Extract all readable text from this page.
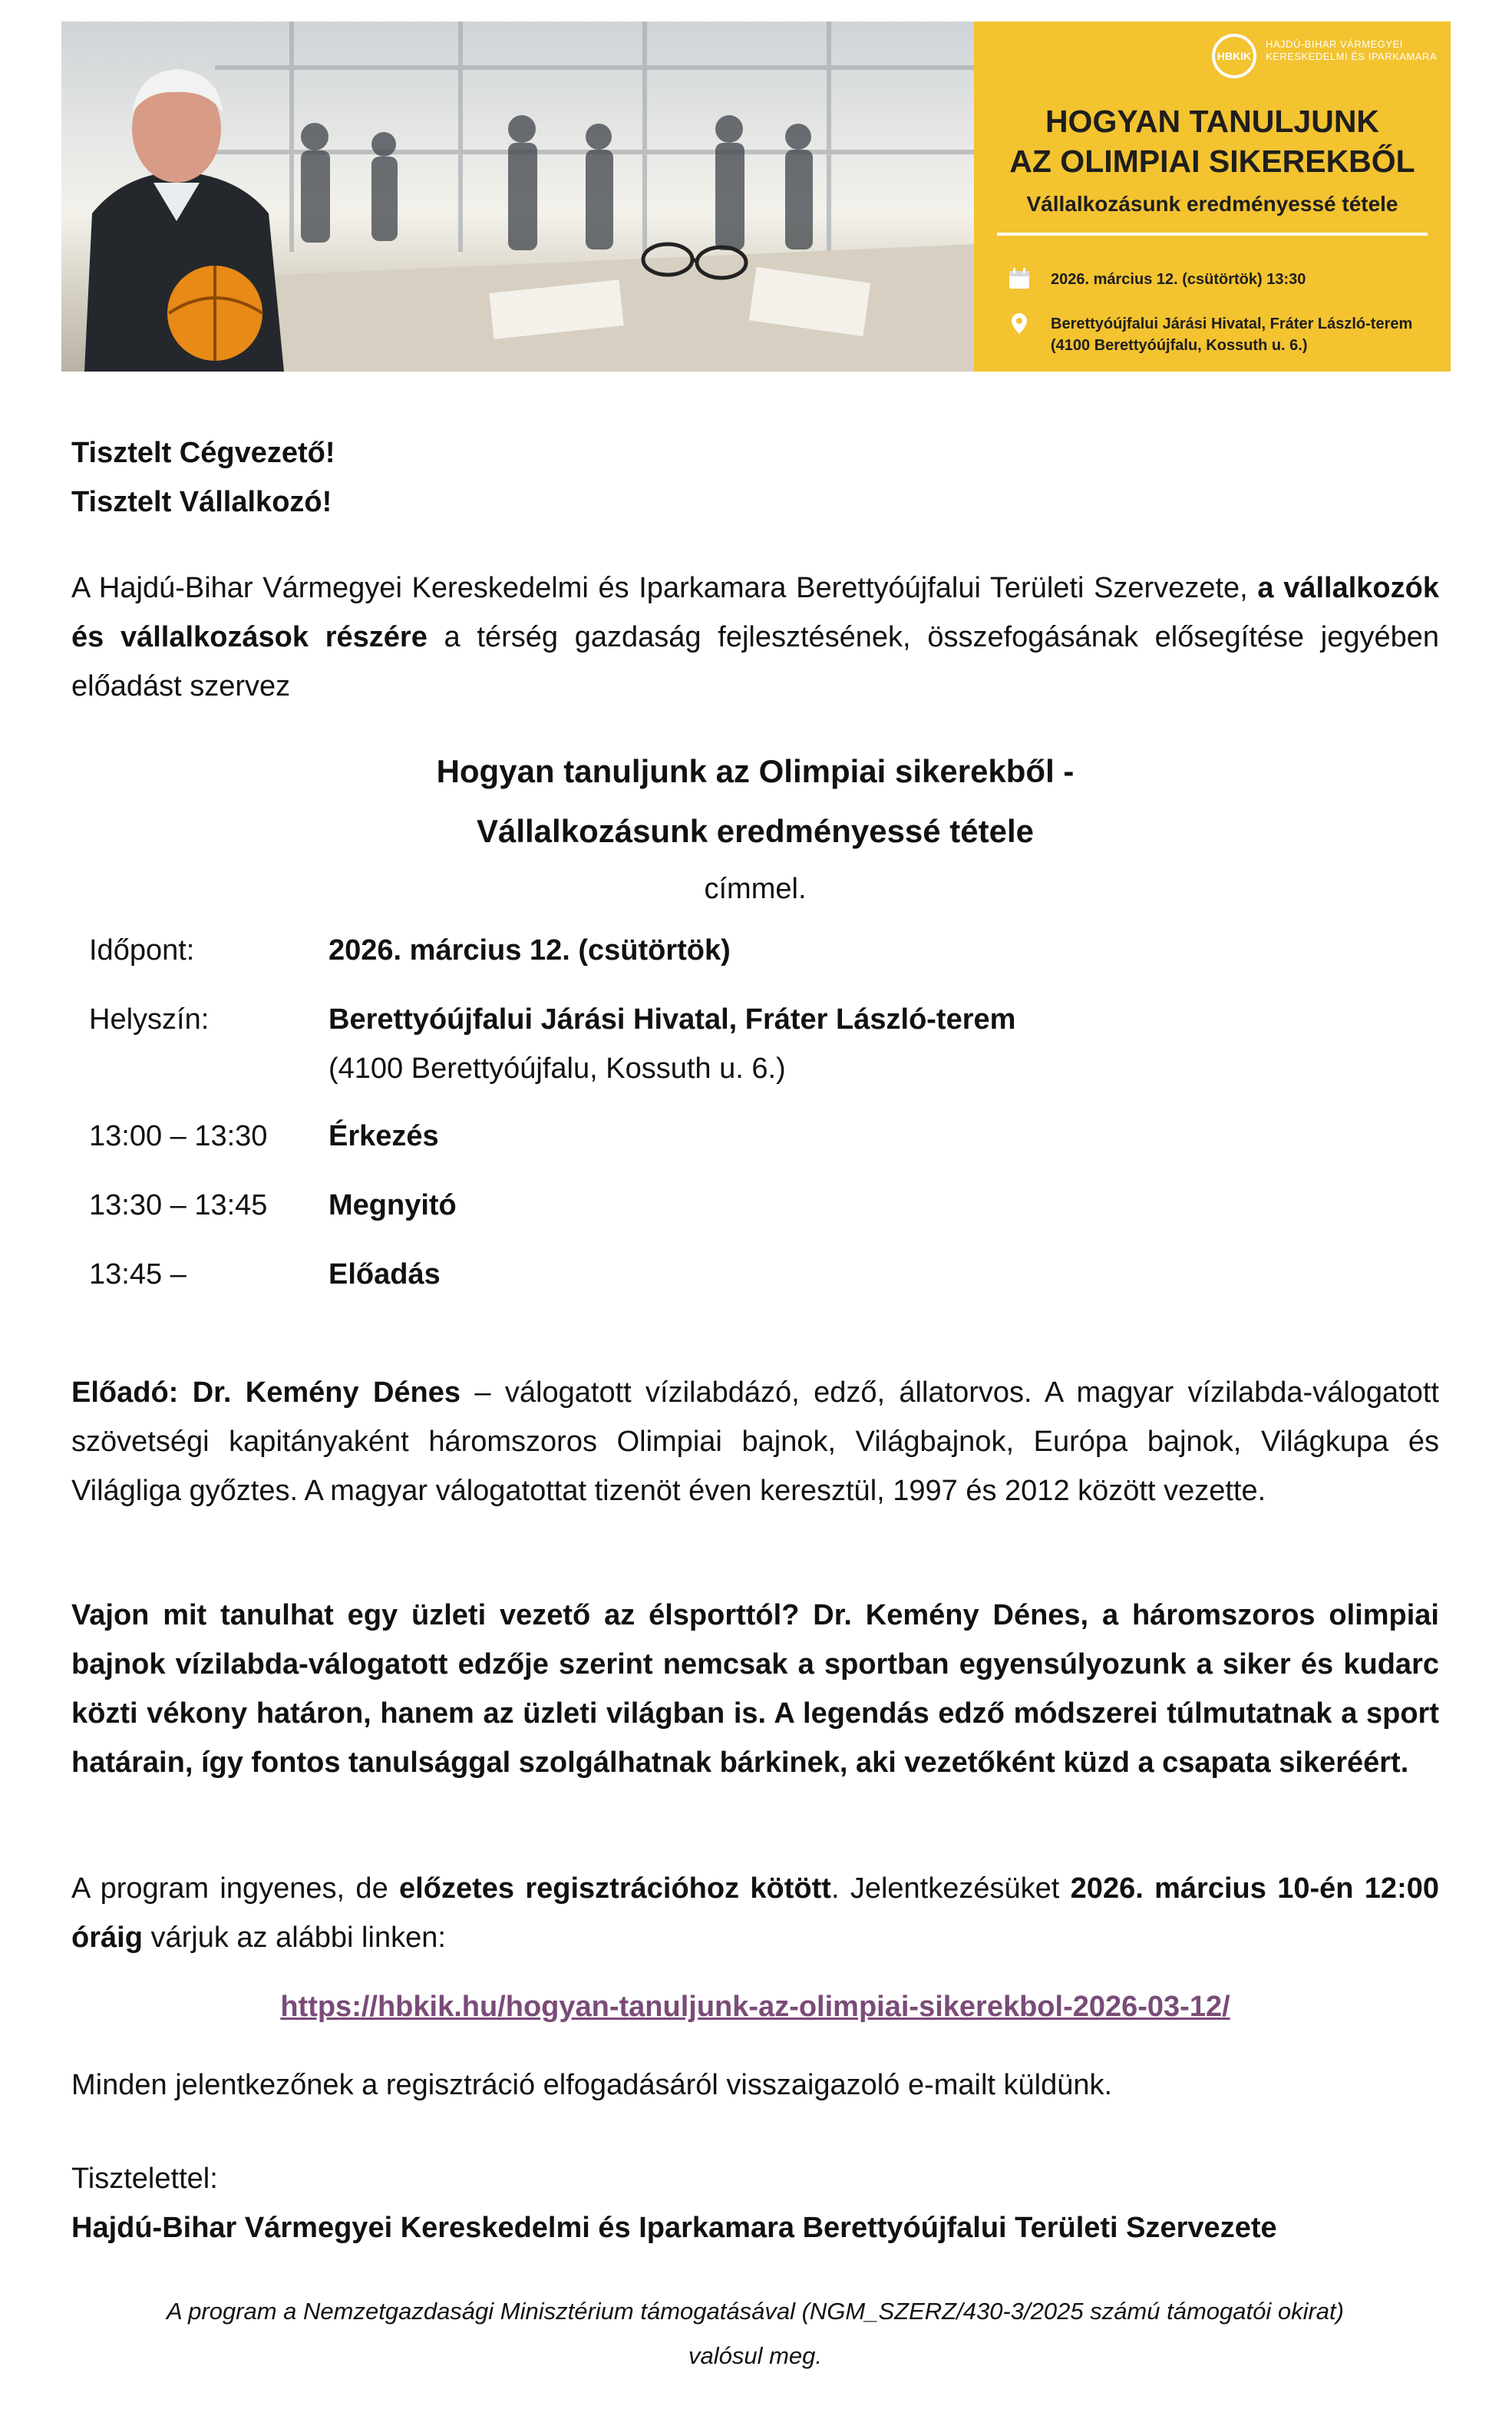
HBKIK
HAJDÚ-BIHAR VÁRMEGYEI KERESKEDELMI ÉS IPARKAMARA
HOGYAN TANULJUNK
AZ OLIMPIAI SIKEREKBŐL
Vállalkozásunk eredményessé tétele
2026. március 12. (csütörtök) 13:30
Berettyóújfalui Járási Hivatal, Fráter László-terem (4100 Berettyóújfalu, Kossuth u. 6.)
Tisztelt Cégvezető!
Tisztelt Vállalkozó!
A Hajdú-Bihar Vármegyei Kereskedelmi és Iparkamara Berettyóújfalui Területi Szervezete, a vállalkozók és vállalkozások részére a térség gazdaság fejlesztésének, összefogásának elősegítése jegyében előadást szervez
Hogyan tanuljunk az Olimpiai sikerekből -
Vállalkozásunk eredményessé tétele
címmel.
Időpont:	2026. március 12. (csütörtök)
Helyszín:	Berettyóújfalui Járási Hivatal, Fráter László-terem
(4100 Berettyóújfalu, Kossuth u. 6.)
13:00 – 13:30 Érkezés
13:30 – 13:45 Megnyitó
13:45 –	Előadás
Előadó: Dr. Kemény Dénes – válogatott vízilabdázó, edző, állatorvos. A magyar vízilabda-válogatott szövetségi kapitányaként háromszoros Olimpiai bajnok, Világbajnok, Európa bajnok, Világkupa és Világliga győztes. A magyar válogatottat tizenöt éven keresztül, 1997 és 2012 között vezette.
Vajon mit tanulhat egy üzleti vezető az élsporttól? Dr. Kemény Dénes, a háromszoros olimpiai bajnok vízilabda-válogatott edzője szerint nemcsak a sportban egyensúlyozunk a siker és kudarc közti vékony határon, hanem az üzleti világban is. A legendás edző módszerei túlmutatnak a sport határain, így fontos tanulsággal szolgálhatnak bárkinek, aki vezetőként küzd a csapata sikeréért.
A program ingyenes, de előzetes regisztrációhoz kötött. Jelentkezésüket 2026. március 10-én 12:00 óráig várjuk az alábbi linken:
https://hbkik.hu/hogyan-tanuljunk-az-olimpiai-sikerekbol-2026-03-12/
Minden jelentkezőnek a regisztráció elfogadásáról visszaigazoló e-mailt küldünk.
Tisztelettel:
Hajdú-Bihar Vármegyei Kereskedelmi és Iparkamara Berettyóújfalui Területi Szervezete
A program a Nemzetgazdasági Minisztérium támogatásával (NGM_SZERZ/430-3/2025 számú támogatói okirat)
valósul meg.
